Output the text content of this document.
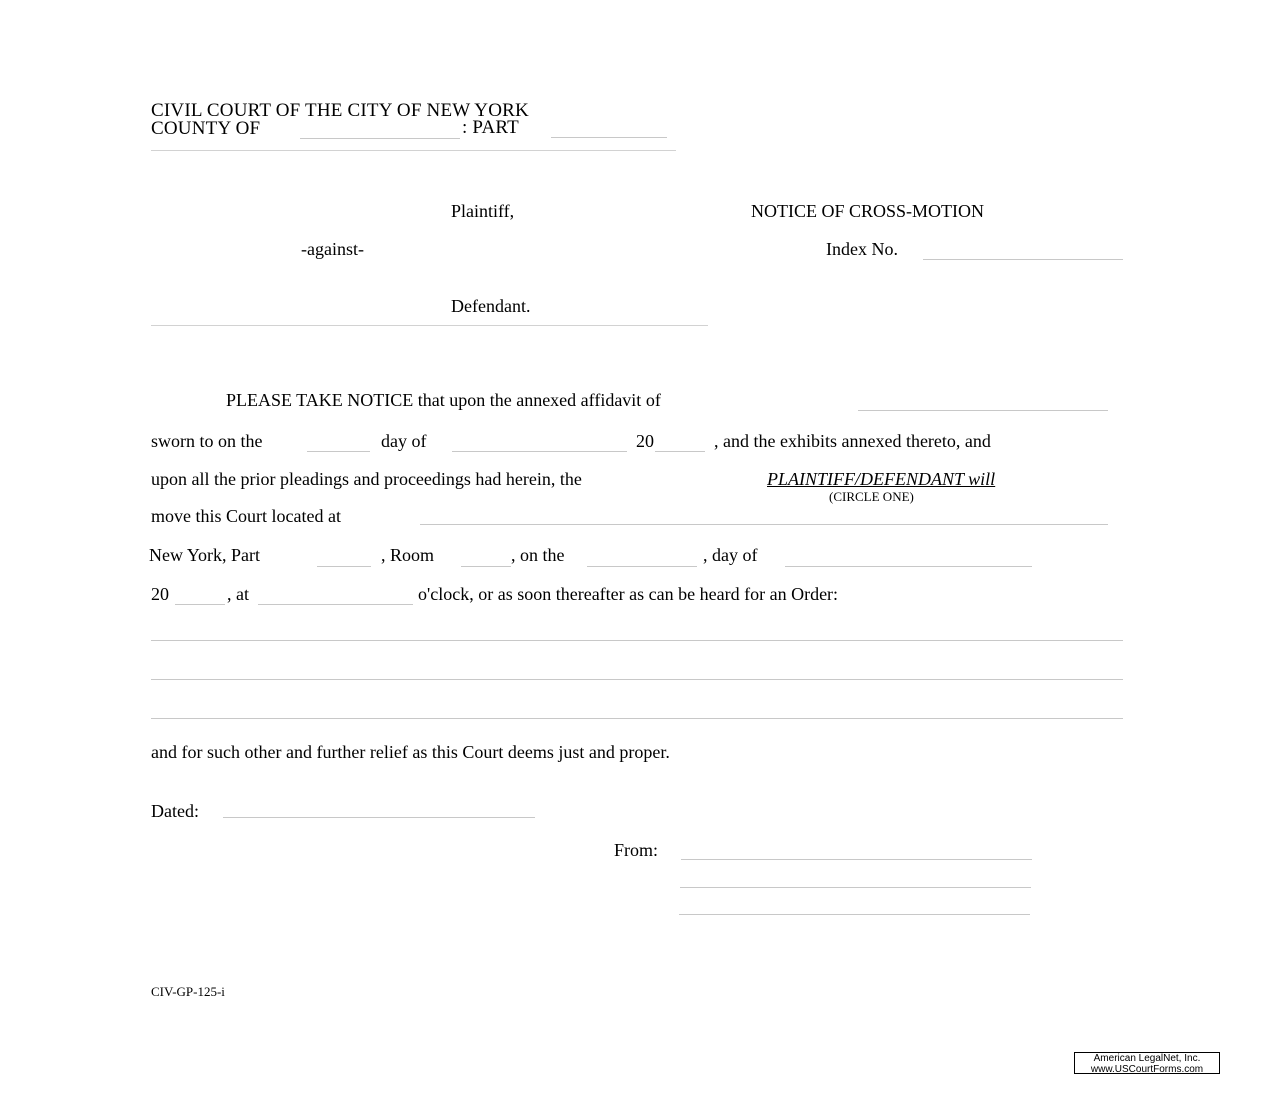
CIVIL COURT OF THE CITY OF NEW YORK
COUNTY OF	: PART
Plaintiff,	NOTICE OF CROSS-MOTION
-against-	Index No.
Defendant.
PLEASE TAKE NOTICE that upon the annexed affidavit of
sworn to on the	day of	20	, and the exhibits annexed thereto, and
upon all the prior pleadings and proceedings had herein, the	PLAINTIFF/DEFENDANT will
(CIRCLE ONE)
move this Court located at
New York, Part	, Room	, on the	, day of
20	, at	o'clock, or as soon thereafter as can be heard for an Order:
and for such other and further relief as this Court deems just and proper.
Dated:
From:
CIV-GP-125-i
American LegalNet, Inc.
www.USCourtForms.com
